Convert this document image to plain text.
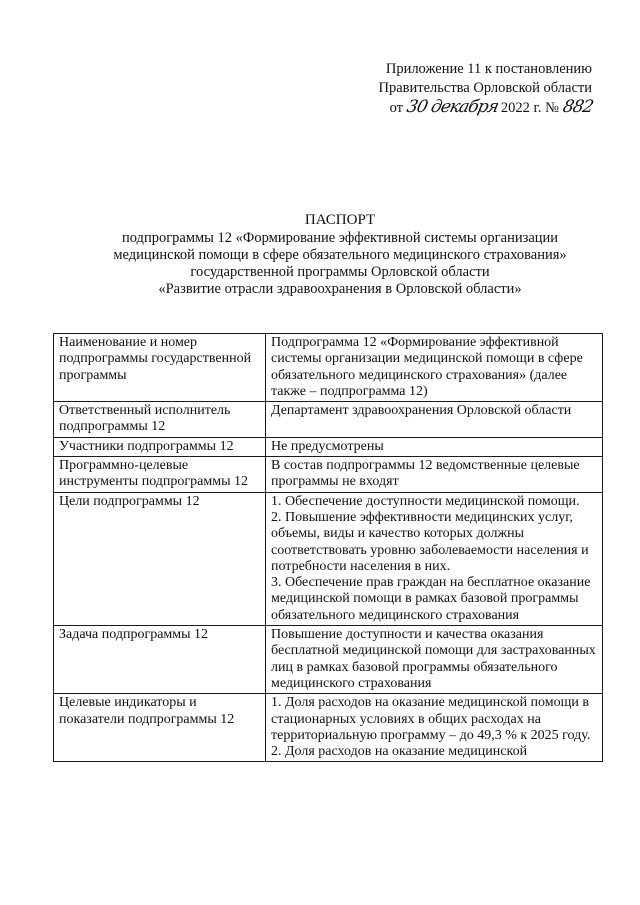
Приложение 11 к постановлению
Правительства Орловской области
от 30 декабря 2022 г. № 882
ПАСПОРТ
подпрограммы 12 «Формирование эффективной системы организации
медицинской помощи в сфере обязательного медицинского страхования»
государственной программы Орловской области
«Развитие отрасли здравоохранения в Орловской области»
Наименование и номер подпрограммы государственной программы	Подпрограмма 12 «Формирование эффективной системы организации медицинской помощи в сфере обязательного медицинского страхования» (далее также – подпрограмма 12)

Ответственный исполнитель подпрограммы 12	Департамент здравоохранения Орловской области

Участники подпрограммы 12	Не предусмотрены

Программно-целевые инструменты подпрограммы 12	В состав подпрограммы 12 ведомственные целевые программы не входят

Цели подпрограммы 12	1. Обеспечение доступности медицинской помощи.
2. Повышение эффективности медицинских услуг, объемы, виды и качество которых должны соответствовать уровню заболеваемости населения и потребности населения в них.
3. Обеспечение прав граждан на бесплатное оказание медицинской помощи в рамках базовой программы обязательного медицинского страхования

Задача подпрограммы 12	Повышение доступности и качества оказания бесплатной медицинской помощи для застрахованных лиц в рамках базовой программы обязательного медицинского страхования

Целевые индикаторы и показатели подпрограммы 12	1. Доля расходов на оказание медицинской помощи в стационарных условиях в общих расходах на территориальную программу – до 49,3 % к 2025 году.
2. Доля расходов на оказание медицинской
